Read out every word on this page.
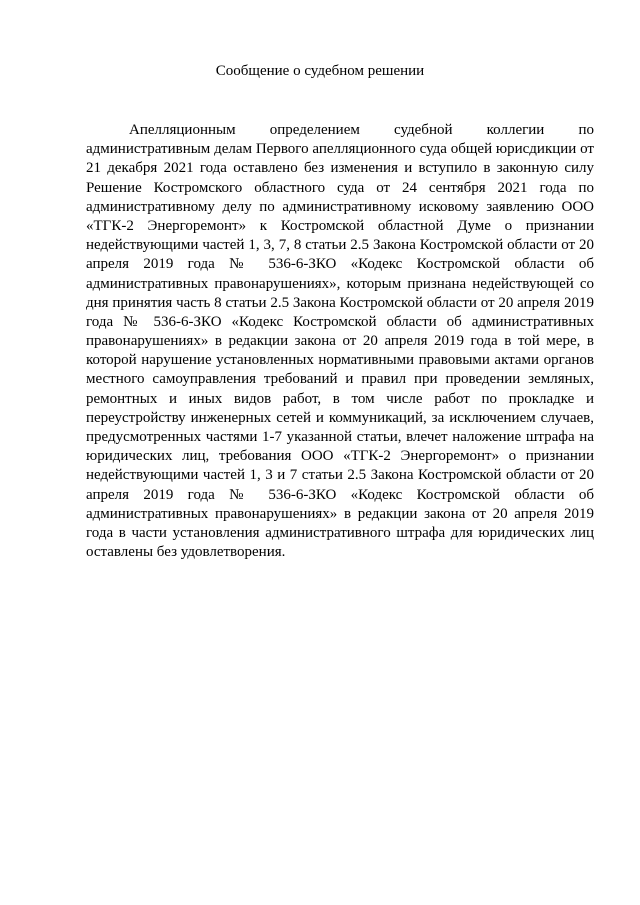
Сообщение о судебном решении
Апелляционным определением судебной коллегии по
административным делам Первого апелляционного суда общей юрисдикции от
21 декабря 2021 года оставлено без изменения и вступило в законную силу
Решение Костромского областного суда от 24 сентября 2021 года по
административному делу по административному исковому заявлению ООО
«ТГК-2 Энергоремонт» к Костромской областной Думе о признании
недействующими частей 1, 3, 7, 8 статьи 2.5 Закона Костромской области от 20
апреля 2019 года № 536-6-ЗКО «Кодекс Костромской области об
административных правонарушениях», которым признана недействующей со
дня принятия часть 8 статьи 2.5 Закона Костромской области от 20 апреля 2019
года № 536-6-ЗКО «Кодекс Костромской области об административных
правонарушениях» в редакции закона от 20 апреля 2019 года в той мере, в
которой нарушение установленных нормативными правовыми актами органов
местного самоуправления требований и правил при проведении земляных,
ремонтных и иных видов работ, в том числе работ по прокладке и
переустройству инженерных сетей и коммуникаций, за исключением случаев,
предусмотренных частями 1-7 указанной статьи, влечет наложение штрафа на
юридических лиц, требования ООО «ТГК-2 Энергоремонт» о признании
недействующими частей 1, 3 и 7 статьи 2.5 Закона Костромской области от 20
апреля 2019 года № 536-6-ЗКО «Кодекс Костромской области об
административных правонарушениях» в редакции закона от 20 апреля 2019
года в части установления административного штрафа для юридических лиц
оставлены без удовлетворения.
